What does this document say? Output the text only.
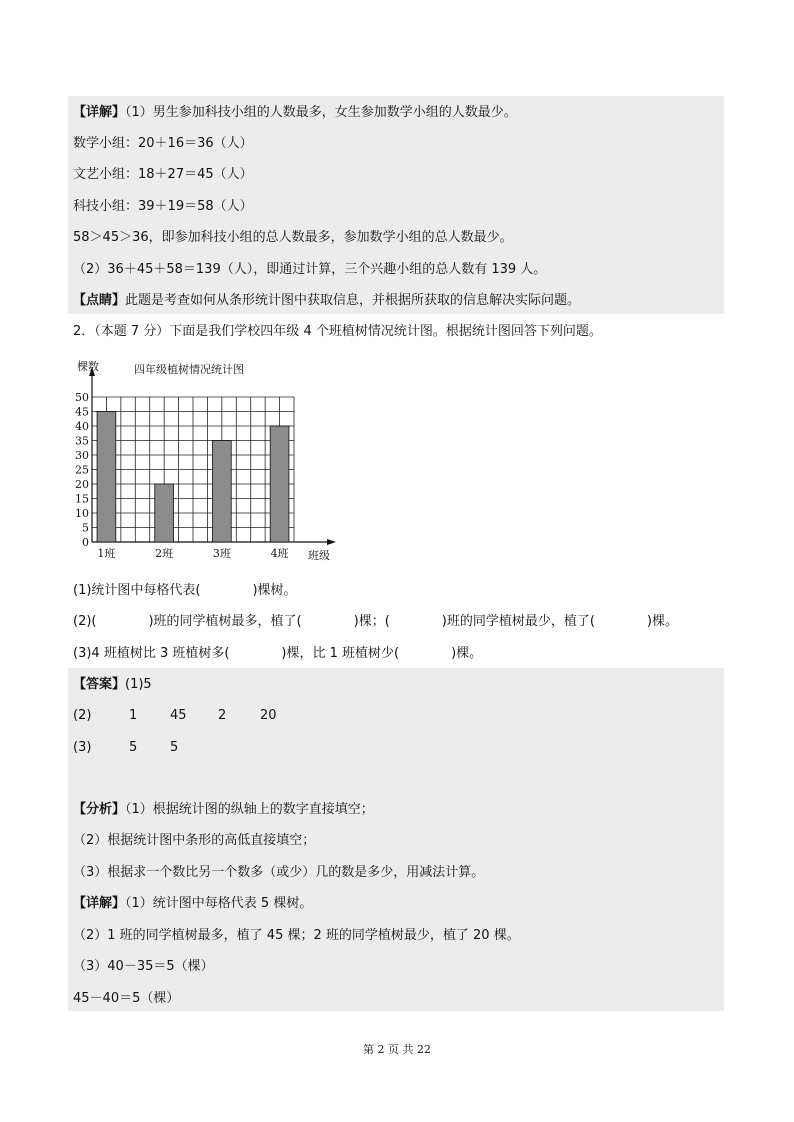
【详解】（1）男生参加科技小组的人数最多，女生参加数学小组的人数最少。
数学小组：20＋16＝36（人）
文艺小组：18＋27＝45（人）
科技小组：39＋19＝58（人）
58＞45＞36，即参加科技小组的总人数最多，参加数学小组的总人数最少。
（2）36＋45＋58＝139（人），即通过计算，三个兴趣小组的总人数有 139 人。
【点睛】此题是考查如何从条形统计图中获取信息，并根据所获取的信息解决实际问题。
2．（本题 7 分）下面是我们学校四年级 4 个班植树情况统计图。根据统计图回答下列问题。
1班	2班	3班	4班
0
5
10
15
20
25
30
35
40
45
50
棵数	四年级植树情况统计图
班级
(1)统计图中每格代表(　　　　)棵树。
(2)(　　　　)班的同学植树最多，植了(　　　　)棵；(　　　　)班的同学植树最少，植了(　　　　)棵。
(3)4 班植树比 3 班植树多(　　　　)棵，比 1 班植树少(　　　　)棵。
【答案】(1)5
(2)	1	45 2	20
(3)	5	5
【分析】（1）根据统计图的纵轴上的数字直接填空；
（2）根据统计图中条形的高低直接填空；
（3）根据求一个数比另一个数多（或少）几的数是多少，用减法计算。
【详解】（1）统计图中每格代表 5 棵树。
（2）1 班的同学植树最多，植了 45 棵；2 班的同学植树最少，植了 20 棵。
（3）40－35＝5（棵）
45－40＝5（棵）
第 2 页 共 22
